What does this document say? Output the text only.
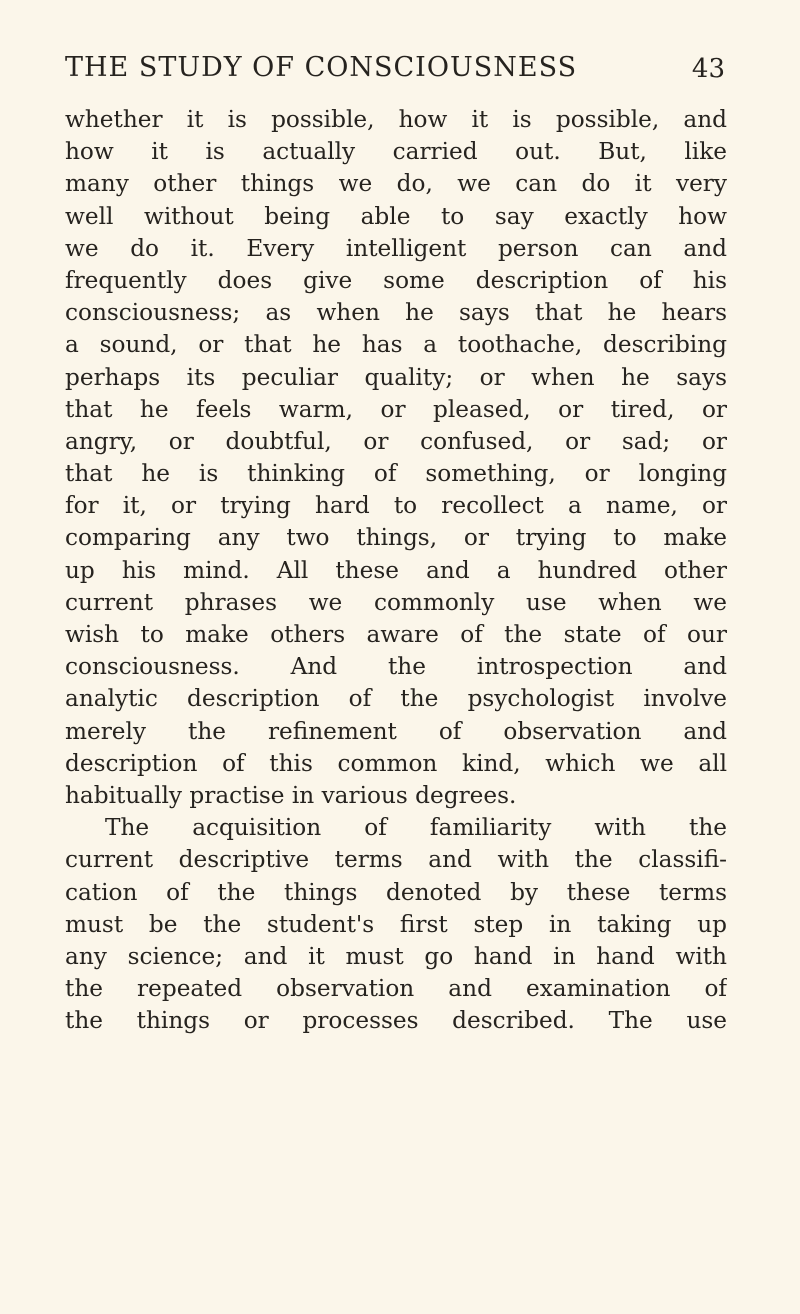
THE STUDY OF CONSCIOUSNESS	43
whether it is possible, how it is possible, and
how it is actually carried out. But, like
many other things we do, we can do it very
well without being able to say exactly how
we do it. Every intelligent person can and
frequently does give some description of his
consciousness; as when he says that he hears
a sound, or that he has a toothache, describing
perhaps its peculiar quality; or when he says
that he feels warm, or pleased, or tired, or
angry, or doubtful, or confused, or sad; or
that he is thinking of something, or longing
for it, or trying hard to recollect a name, or
comparing any two things, or trying to make
up his mind. All these and a hundred other
current phrases we commonly use when we
wish to make others aware of the state of our
consciousness. And the introspection and
analytic description of the psychologist involve
merely the refinement of observation and
description of this common kind, which we all
habitually practise in various degrees.
The acquisition of familiarity with the
current descriptive terms and with the classifi-
cation of the things denoted by these terms
must be the student's first step in taking up
any science; and it must go hand in hand with
the repeated observation and examination of
the things or processes described. The use
